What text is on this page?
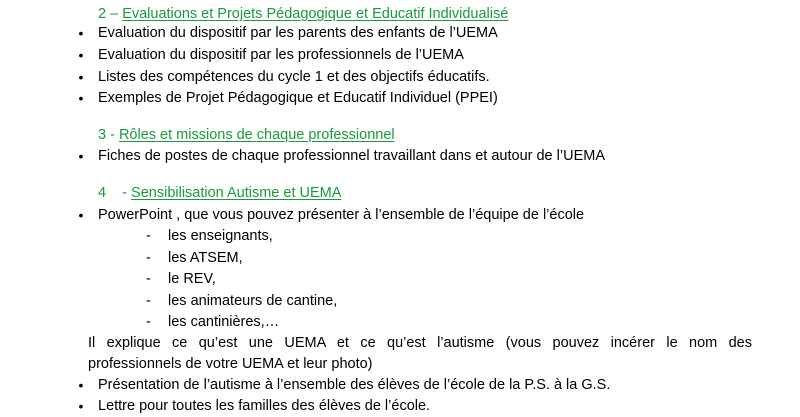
2 – Evaluations et Projets Pédagogique et Educatif Individualisé
• Evaluation du dispositif par les parents des enfants de l’UEMA
• Evaluation du dispositif par les professionnels de l’UEMA
• Listes des compétences du cycle 1 et des objectifs éducatifs.
• Exemples de Projet Pédagogique et Educatif Individuel (PPEI)
3 - Rôles et missions de chaque professionnel
• Fiches de postes de chaque professionnel travaillant dans et autour de l’UEMA
4    - Sensibilisation Autisme et UEMA
• PowerPoint , que vous pouvez présenter à l’ensemble de l’équipe de l’école
- les enseignants,
- les ATSEM,
- le REV,
- les animateurs de cantine,
- les cantinières,…
Il explique ce qu’est une UEMA et ce qu’est l’autisme (vous pouvez incérer le nom des
professionnels de votre UEMA et leur photo)
• Présentation de l’autisme à l’ensemble des élèves de l’école de la P.S. à la G.S.
• Lettre pour toutes les familles des élèves de l’école.
